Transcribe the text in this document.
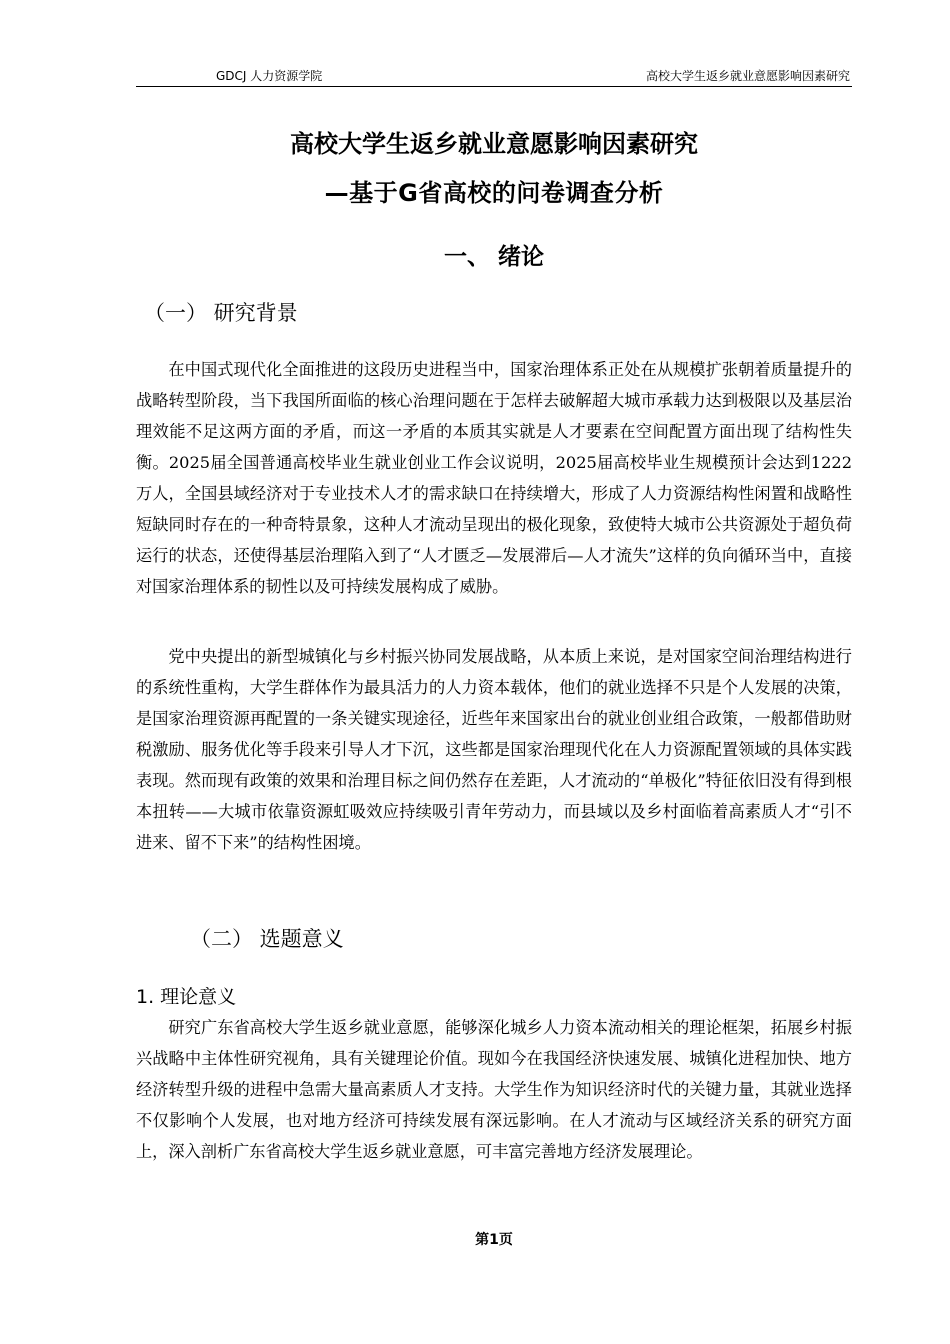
GDCJ 人力资源学院	高校大学生返乡就业意愿影响因素研究
高校大学生返乡就业意愿影响因素研究
—基于G省高校的问卷调查分析
一、 绪论
（一） 研究背景

在中国式现代化全面推进的这段历史进程当中，国家治理体系正处在从规模扩张朝着质量提升的战略转型阶段，当下我国所面临的核心治理问题在于怎样去破解超大城市承载力达到极限以及基层治理效能不足这两方面的矛盾，而这一矛盾的本质其实就是人才要素在空间配置方面出现了结构性失衡。2025届全国普通高校毕业生就业创业工作会议说明，2025届高校毕业生规模预计会达到1222万人，全国县域经济对于专业技术人才的需求缺口在持续增大，形成了人力资源结构性闲置和战略性短缺同时存在的一种奇特景象，这种人才流动呈现出的极化现象，致使特大城市公共资源处于超负荷运行的状态，还使得基层治理陷入到了“人才匮乏—发展滞后—人才流失”这样的负向循环当中，直接对国家治理体系的韧性以及可持续发展构成了威胁。

党中央提出的新型城镇化与乡村振兴协同发展战略，从本质上来说，是对国家空间治理结构进行的系统性重构，大学生群体作为最具活力的人力资本载体，他们的就业选择不只是个人发展的决策，是国家治理资源再配置的一条关键实现途径，近些年来国家出台的就业创业组合政策，一般都借助财税激励、服务优化等手段来引导人才下沉，这些都是国家治理现代化在人力资源配置领域的具体实践表现。然而现有政策的效果和治理目标之间仍然存在差距，人才流动的“单极化”特征依旧没有得到根本扭转——大城市依靠资源虹吸效应持续吸引青年劳动力，而县域以及乡村面临着高素质人才“引不进来、留不下来”的结构性困境。

（二） 选题意义
1. 理论意义

研究广东省高校大学生返乡就业意愿，能够深化城乡人力资本流动相关的理论框架，拓展乡村振兴战略中主体性研究视角，具有关键理论价值。现如今在我国经济快速发展、城镇化进程加快、地方经济转型升级的进程中急需大量高素质人才支持。大学生作为知识经济时代的关键力量，其就业选择不仅影响个人发展，也对地方经济可持续发展有深远影响。在人才流动与区域经济关系的研究方面上，深入剖析广东省高校大学生返乡就业意愿，可丰富完善地方经济发展理论。

第1页
